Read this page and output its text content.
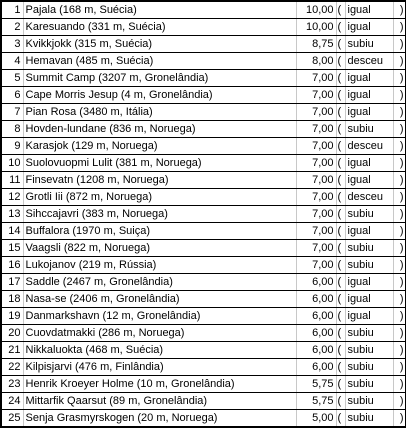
1	Pajala (168 m, Suécia)	10,00	(	igual	)
2	Karesuando (331 m, Suécia)	10,00	(	igual	)
3	Kvikkjokk (315 m, Suécia)	8,75	(	subiu	)
4	Hemavan (485 m, Suécia)	8,00	(	desceu	)
5	Summit Camp (3207 m, Gronelândia)	7,00	(	igual	)
6	Cape Morris Jesup (4 m, Gronelândia)	7,00	(	igual	)
7	Pian Rosa (3480 m, Itália)	7,00	(	igual	)
8	Hovden-lundane (836 m, Noruega)	7,00	(	subiu	)
9	Karasjok (129 m, Noruega)	7,00	(	desceu	)
10	Suolovuopmi Lulit (381 m, Noruega)	7,00	(	igual	)
11	Finsevatn (1208 m, Noruega)	7,00	(	igual	)
12	Grotli Iii (872 m, Noruega)	7,00	(	desceu	)
13	Sihccajavri (383 m, Noruega)	7,00	(	subiu	)
14	Buffalora (1970 m, Suiça)	7,00	(	igual	)
15	Vaagsli (822 m, Noruega)	7,00	(	subiu	)
16	Lukojanov (219 m, Rússia)	7,00	(	subiu	)
17	Saddle (2467 m, Gronelândia)	6,00	(	igual	)
18	Nasa-se (2406 m, Gronelândia)	6,00	(	igual	)
19	Danmarkshavn (12 m, Gronelândia)	6,00	(	igual	)
20	Cuovdatmakki (286 m, Noruega)	6,00	(	subiu	)
21	Nikkaluokta (468 m, Suécia)	6,00	(	subiu	)
22	Kilpisjarvi (476 m, Finlândia)	6,00	(	subiu	)
23	Henrik Kroeyer Holme (10 m, Gronelândia)	5,75	(	subiu	)
24	Mittarfik Qaarsut (89 m, Gronelândia)	5,75	(	subiu	)
25	Senja Grasmyrskogen (20 m, Noruega)	5,00	(	subiu	)
